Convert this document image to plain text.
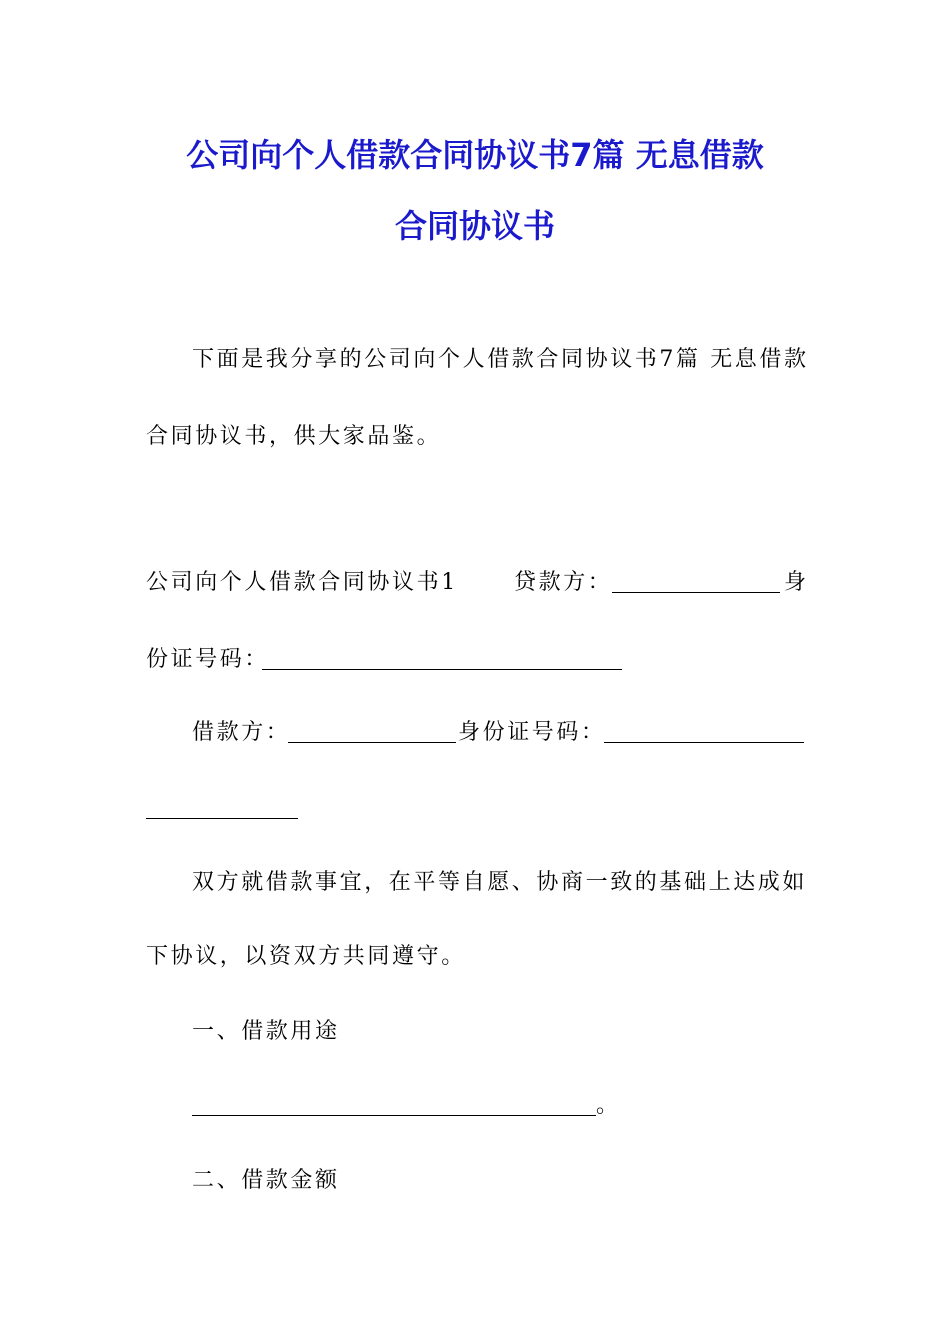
公司向个人借款合同协议书7篇 无息借款
合同协议书
下面是我分享的公司向个人借款合同协议书7篇 无息借款
合同协议书，供大家品鉴。
公司向个人借款合同协议书1	贷款方：	身
份证号码：
借款方：	身份证号码：
双方就借款事宜，在平等自愿、协商一致的基础上达成如
下协议，以资双方共同遵守。
一、借款用途
。
二、借款金额
